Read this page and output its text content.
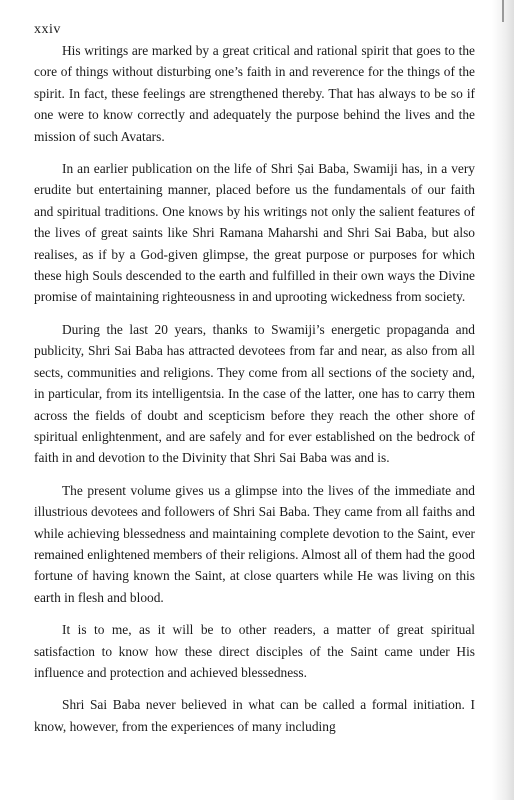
xxiv

His writings are marked by a great critical and rational spirit that goes to the core of things without disturbing one’s faith in and reverence for the things of the spirit. In fact, these feelings are strengthened thereby. That has always to be so if one were to know correctly and adequately the purpose behind the lives and the mission of such Avatars.

In an earlier publication on the life of Shri Ṣai Baba, Swamiji has, in a very erudite but entertaining manner, placed before us the fundamentals of our faith and spiritual traditions. One knows by his writings not only the salient features of the lives of great saints like Shri Ramana Maharshi and Shri Sai Baba, but also realises, as if by a God-given glimpse, the great purpose or purposes for which these high Souls descended to the earth and fulfilled in their own ways the Divine promise of maintaining righteousness in and uprooting wickedness from society.

During the last 20 years, thanks to Swamiji’s energetic propaganda and publicity, Shri Sai Baba has attracted devotees from far and near, as also from all sects, communities and religions. They come from all sections of the society and, in particular, from its intelligentsia. In the case of the latter, one has to carry them across the fields of doubt and scepticism before they reach the other shore of spiritual enlightenment, and are safely and for ever established on the bedrock of faith in and devotion to the Divinity that Shri Sai Baba was and is.

The present volume gives us a glimpse into the lives of the immediate and illustrious devotees and followers of Shri Sai Baba. They came from all faiths and while achieving blessedness and maintaining complete devotion to the Saint, ever remained enlightened members of their religions. Almost all of them had the good fortune of having known the Saint, at close quarters while He was living on this earth in flesh and blood.

It is to me, as it will be to other readers, a matter of great spiritual satisfaction to know how these direct disciples of the Saint came under His influence and protection and achieved blessedness.

Shri Sai Baba never believed in what can be called a formal initiation. I know, however, from the experiences of many including
